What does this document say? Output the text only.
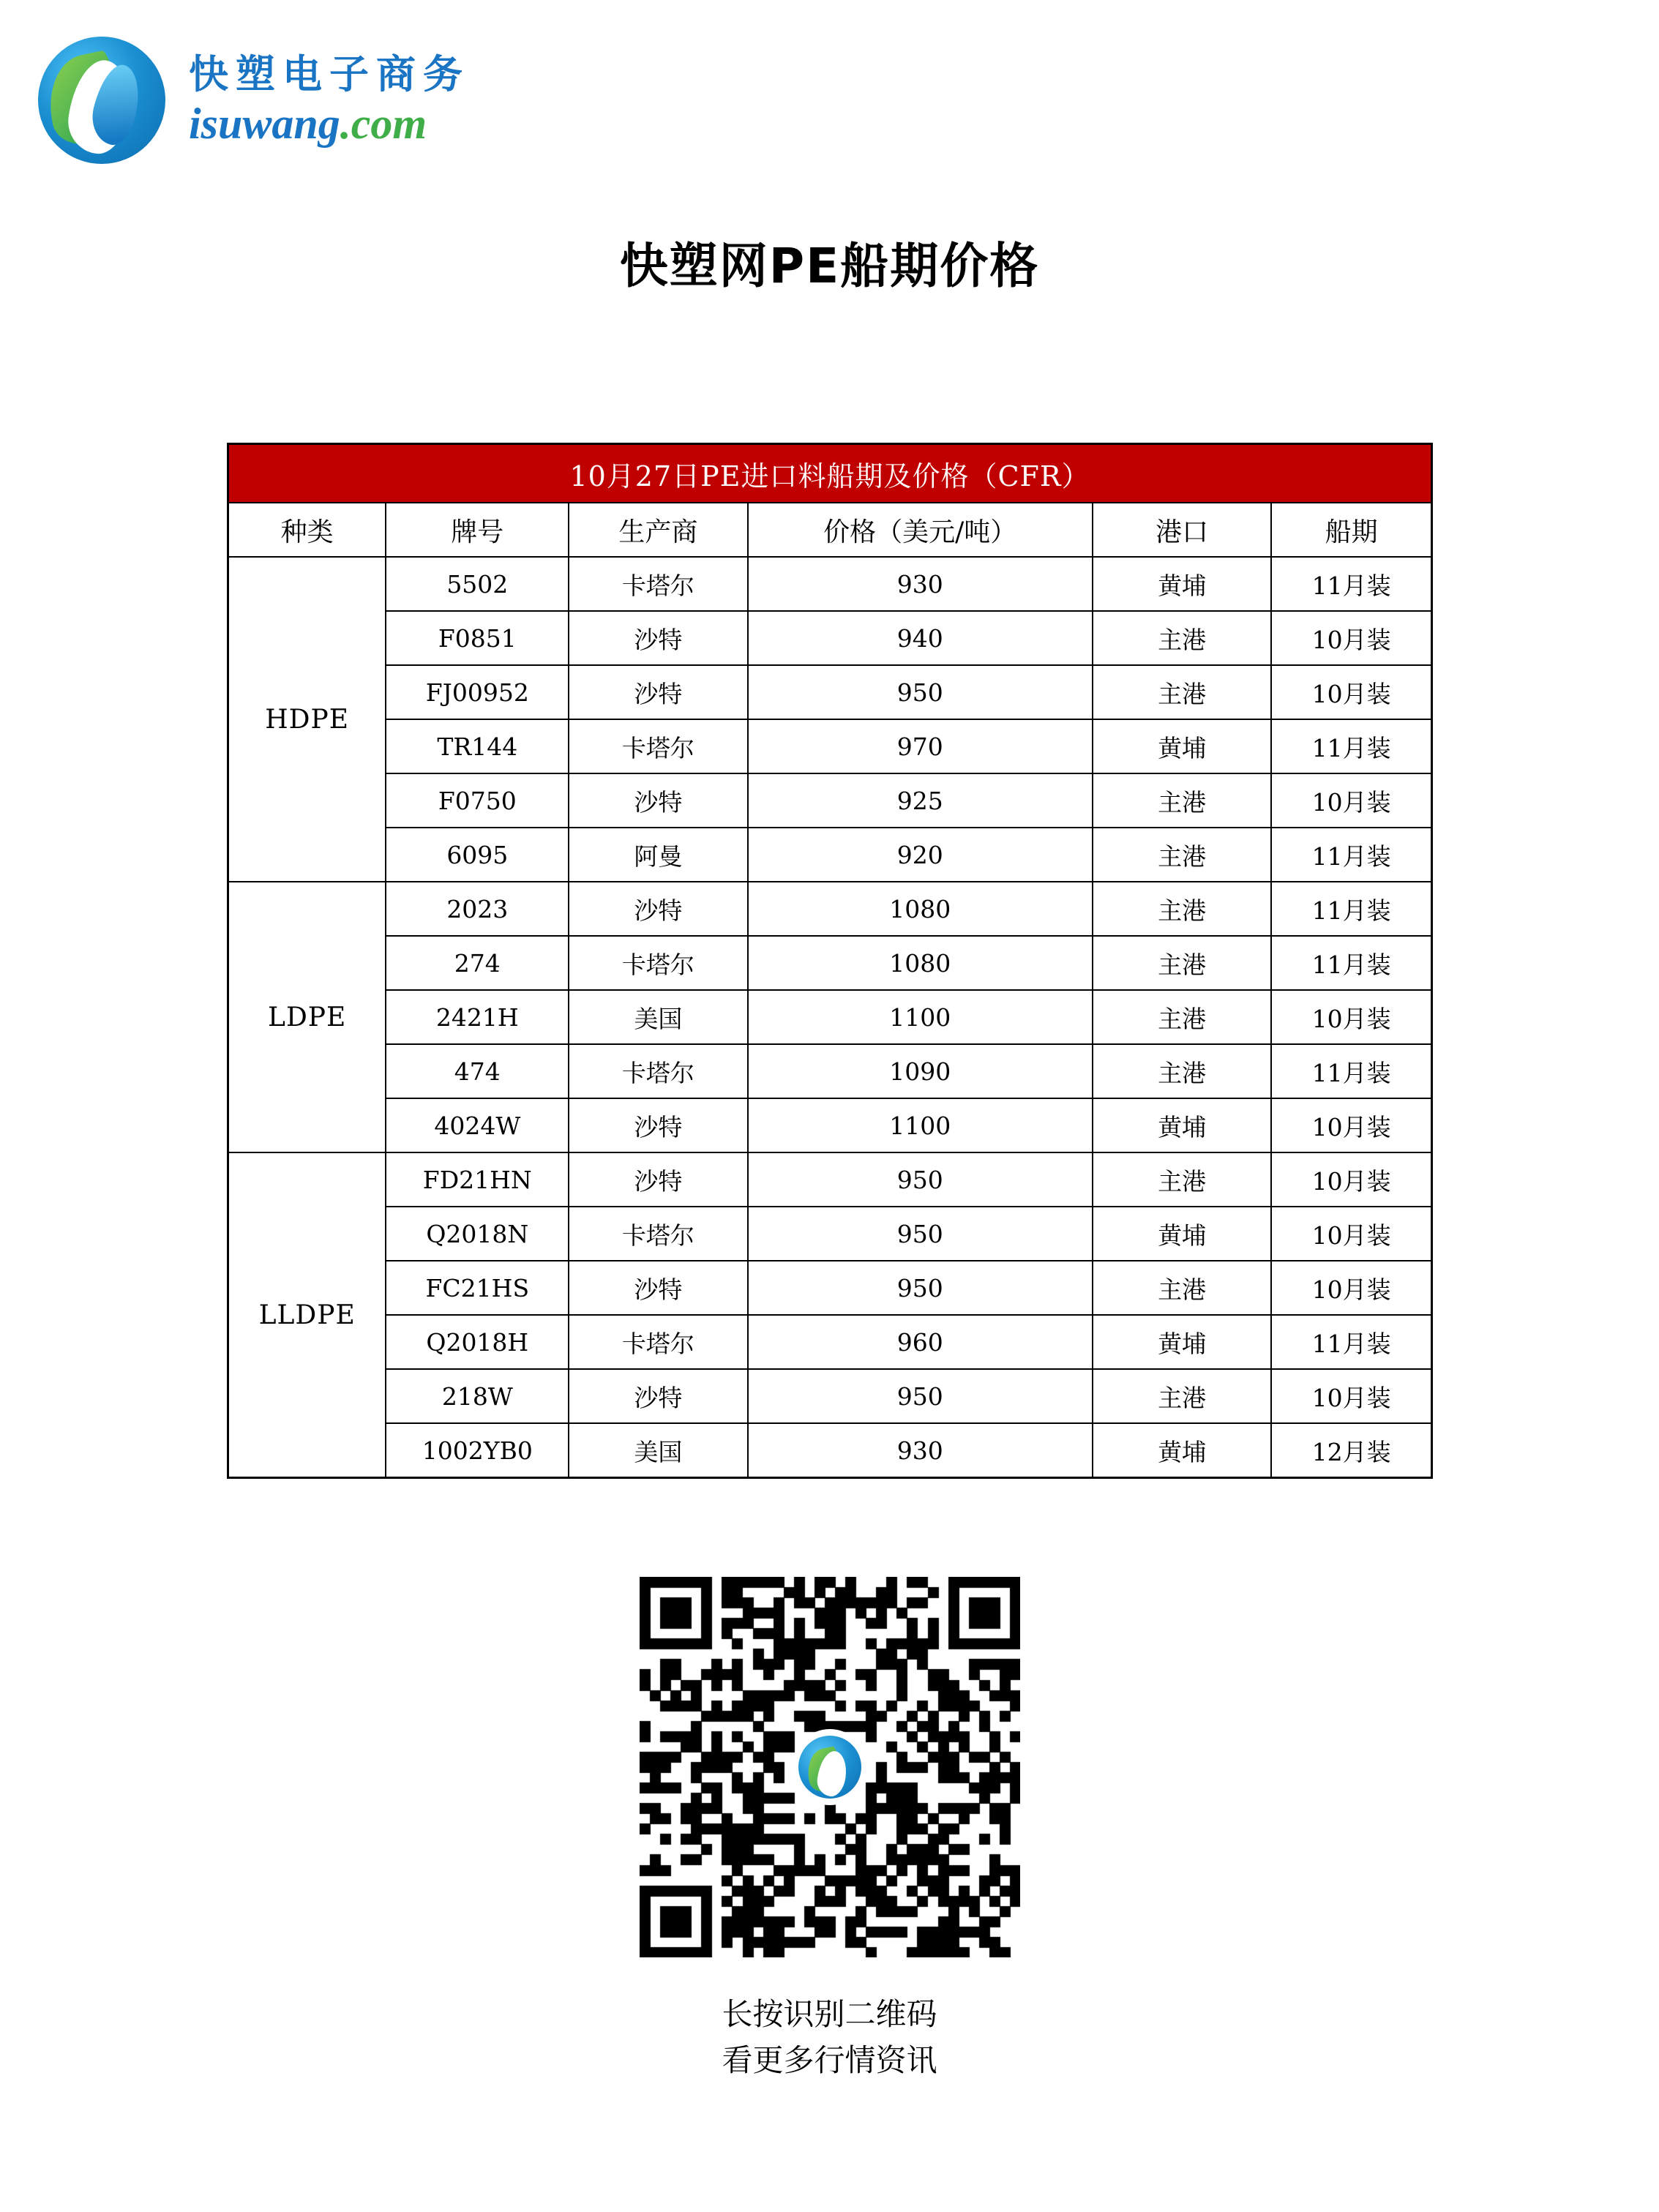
快塑电子商务
isuwang.com
快塑网PE船期价格
10月27日PE进口料船期及价格（CFR）					
种类	牌号	生产商	价格（美元/吨）	港口	船期
HDPE	5502	卡塔尔	930	黄埔	11月装
	F0851	沙特	940	主港	10月装
	FJ00952	沙特	950	主港	10月装
	TR144	卡塔尔	970	黄埔	11月装
	F0750	沙特	925	主港	10月装
	6095	阿曼	920	主港	11月装
LDPE	2023	沙特	1080	主港	11月装
	274	卡塔尔	1080	主港	11月装
	2421H	美国	1100	主港	10月装
	474	卡塔尔	1090	主港	11月装
	4024W	沙特	1100	黄埔	10月装
LLDPE	FD21HN	沙特	950	主港	10月装
	Q2018N	卡塔尔	950	黄埔	10月装
	FC21HS	沙特	950	主港	10月装
	Q2018H	卡塔尔	960	黄埔	11月装
	218W	沙特	950	主港	10月装
	1002YB0	美国	930	黄埔	12月装
长按识别二维码
看更多行情资讯
